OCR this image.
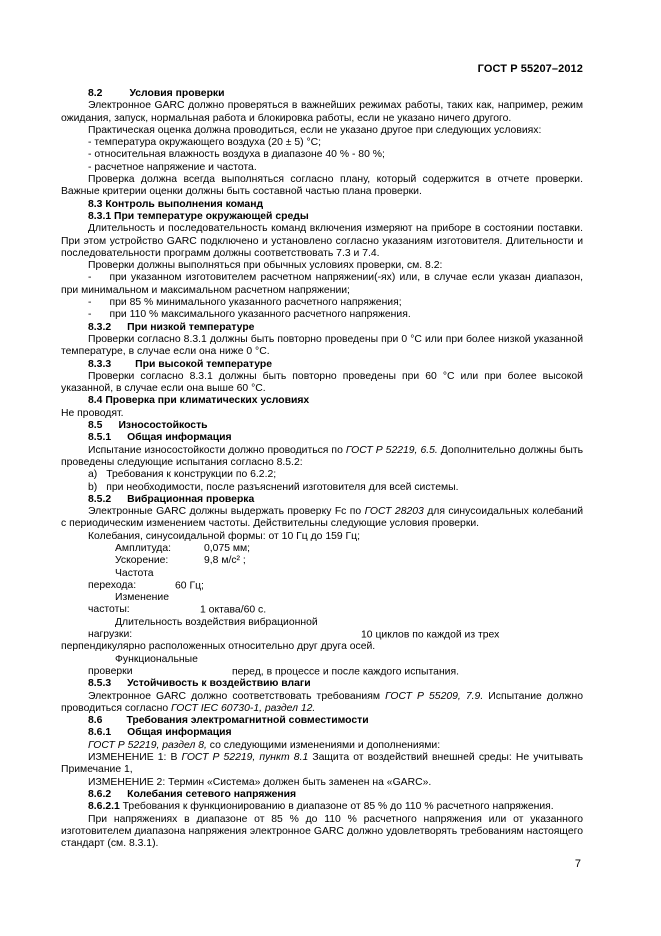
ГОСТ Р 55207–2012

8.2	Условия проверки

Электронное GARC должно проверяться в важнейших режимах работы, таких как, например, режим ожидания, запуск, нормальная работа и блокировка работы, если не указано ничего другого.

Практическая оценка должна проводиться, если не указано другое при следующих условиях:

- температура окружающего воздуха (20 ± 5) °С;

- относительная влажность воздуха в диапазоне 40 % - 80 %;

- расчетное напряжение и частота.

Проверка должна всегда выполняться согласно плану, который содержится в отчете проверки. Важные критерии оценки должны быть составной частью плана проверки.

8.3 Контроль выполнения команд

8.3.1 При температуре окружающей среды

Длительность и последовательность команд включения измеряют на приборе в состоянии поставки. При этом устройство GARC подключено и установлено согласно указаниям изготовителя. Длительности и последовательности программ должны соответствовать 7.3 и 7.4.

Проверки должны выполняться при обычных условиях проверки, см. 8.2:

- при указанном изготовителем расчетном напряжении(-ях) или, в случае если указан диапазон, при минимальном и максимальном расчетном напряжении;

- при 85 % минимального указанного расчетного напряжения;

- при 110 % максимального указанного расчетного напряжения.

8.3.2 При низкой температуре

Проверки согласно 8.3.1 должны быть повторно проведены при 0 °С или при более низкой указанной температуре, в случае если она ниже 0 °С.

8.3.3 При высокой температуре

Проверки согласно 8.3.1 должны быть повторно проведены при 60 °С или при более высокой указанной, в случае если она выше 60 °С.

8.4 Проверка при климатических условиях

Не проводят.

8.5 Износостойкость

8.5.1 Общая информация

Испытание износостойкости должно проводиться по ГОСТ Р 52219, 6.5. Дополнительно должны быть проведены следующие испытания согласно 8.5.2:

a) Требования к конструкции по 6.2.2;

b) при необходимости, после разъяснений изготовителя для всей системы.

8.5.2 Вибрационная проверка

Электронные GARC должны выдержать проверку Fc по ГОСТ 28203 для синусоидальных колебаний с периодическим изменением частоты. Действительны следующие условия проверки.

Колебания, синусоидальной формы: от 10 Гц до 159 Гц;

Амплитуда:	0,075 мм;

Ускорение:	9,8 м/с² ;

Частота перехода:	60 Гц;

Изменение частоты:	1 октава/60 с.

Длительность воздействия вибрационной нагрузки:	10 циклов по каждой из трех

перпендикулярно расположенных относительно друг друга осей.

Функциональные проверки	перед, в процессе и после каждого испытания.

8.5.3 Устойчивость к воздействию влаги

Электронное GARC должно соответствовать требованиям ГОСТ Р 55209, 7.9. Испытание должно проводиться согласно ГОСТ IEC 60730-1, раздел 12.

8.6 Требования электромагнитной совместимости

8.6.1 Общая информация

ГОСТ Р 52219, раздел 8, со следующими изменениями и дополнениями:

ИЗМЕНЕНИЕ 1: В ГОСТ Р 52219, пункт 8.1 Защита от воздействий внешней среды: Не учитывать Примечание 1,

ИЗМЕНЕНИЕ 2: Термин «Система» должен быть заменен на «GARC».

8.6.2 Колебания сетевого напряжения

8.6.2.1 Требования к функционированию в диапазоне от 85 % до 110 % расчетного напряжения.

При напряжениях в диапазоне от 85 % до 110 % расчетного напряжения или от указанного изготовителем диапазона напряжения электронное GARC должно удовлетворять требованиям настоящего стандарт (см. 8.3.1).

7
